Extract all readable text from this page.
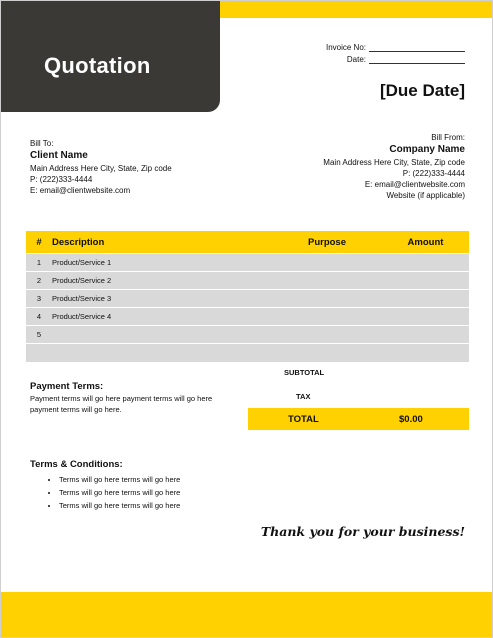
Quotation
Invoice No:
Date:
[Due Date]
Bill To:
Client Name
Main Address Here City, State, Zip code
P: (222)333-4444
E: email@clientwebsite.com
Bill From:
Company Name
Main Address Here City, State, Zip code
P: (222)333-4444
E: email@clientwebsite.com
Website (if applicable)
#	Description	Purpose	Amount
1	Product/Service 1
2	Product/Service 2
3	Product/Service 3
4	Product/Service 4
5
SUBTOTAL
TAX
TOTAL	$0.00
Payment Terms:
Payment terms will go here payment terms will go here payment terms will go here.
Terms & Conditions:
• Terms will go here terms will go here
• Terms will go here terms will go here
• Terms will go here terms will go here
Thank you for your business!
